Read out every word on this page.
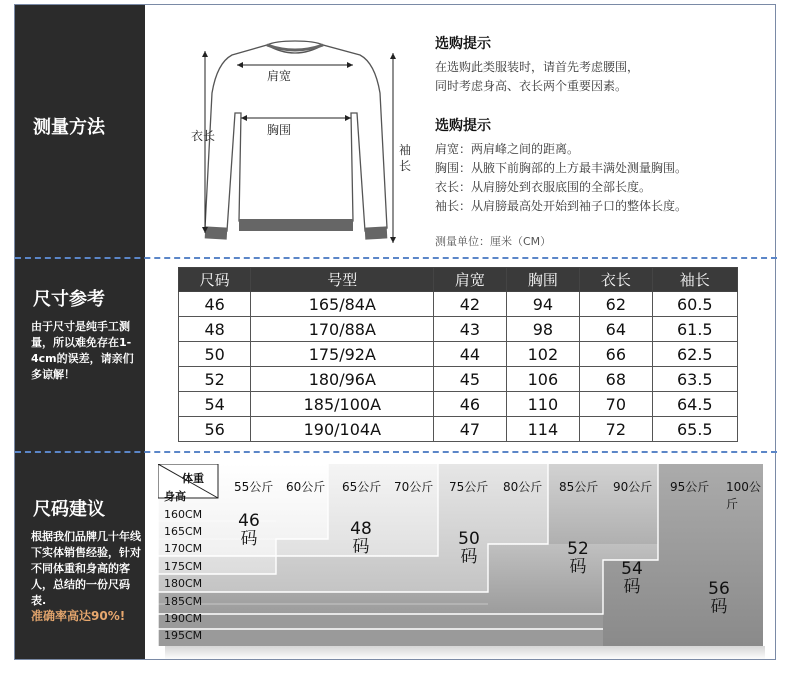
测量方法
尺寸参考
由于尺寸是纯手工测量，所以难免存在1-4cm的误差，请亲们多谅解！
尺码建议
根据我们品牌几十年线下实体销售经验，针对不同体重和身高的客人，总结的一份尺码表.
准确率高达90%!
肩宽
胸围
衣长
袖
长
选购提示
在选购此类服装时，请首先考虑腰围，
同时考虑身高、衣长两个重要因素。
选购提示
肩宽：两肩峰之间的距离。
胸围：从腋下前胸部的上方最丰满处测量胸围。
衣长：从肩膀处到衣服底围的全部长度。
袖长：从肩膀最高处开始到袖子口的整体长度。
测量单位：厘米（CM）
尺码	号型	肩宽	胸围	衣长	袖长
46	165/84A	42	94	62	60.5
48	170/88A	43	98	64	61.5
50	175/92A	44	102	66	62.5
52	180/96A	45	106	68	63.5
54	185/100A	46	110	70	64.5
56	190/104A	47	114	72	65.5
体重
身高
55公斤 60公斤 65公斤 70公斤 75公斤 80公斤 85公斤 90公斤 95公斤 100公斤
160CM
165CM
170CM
175CM
180CM
185CM
190CM
195CM
46
码	48
码	50
码	52
码	54
码	56
码
